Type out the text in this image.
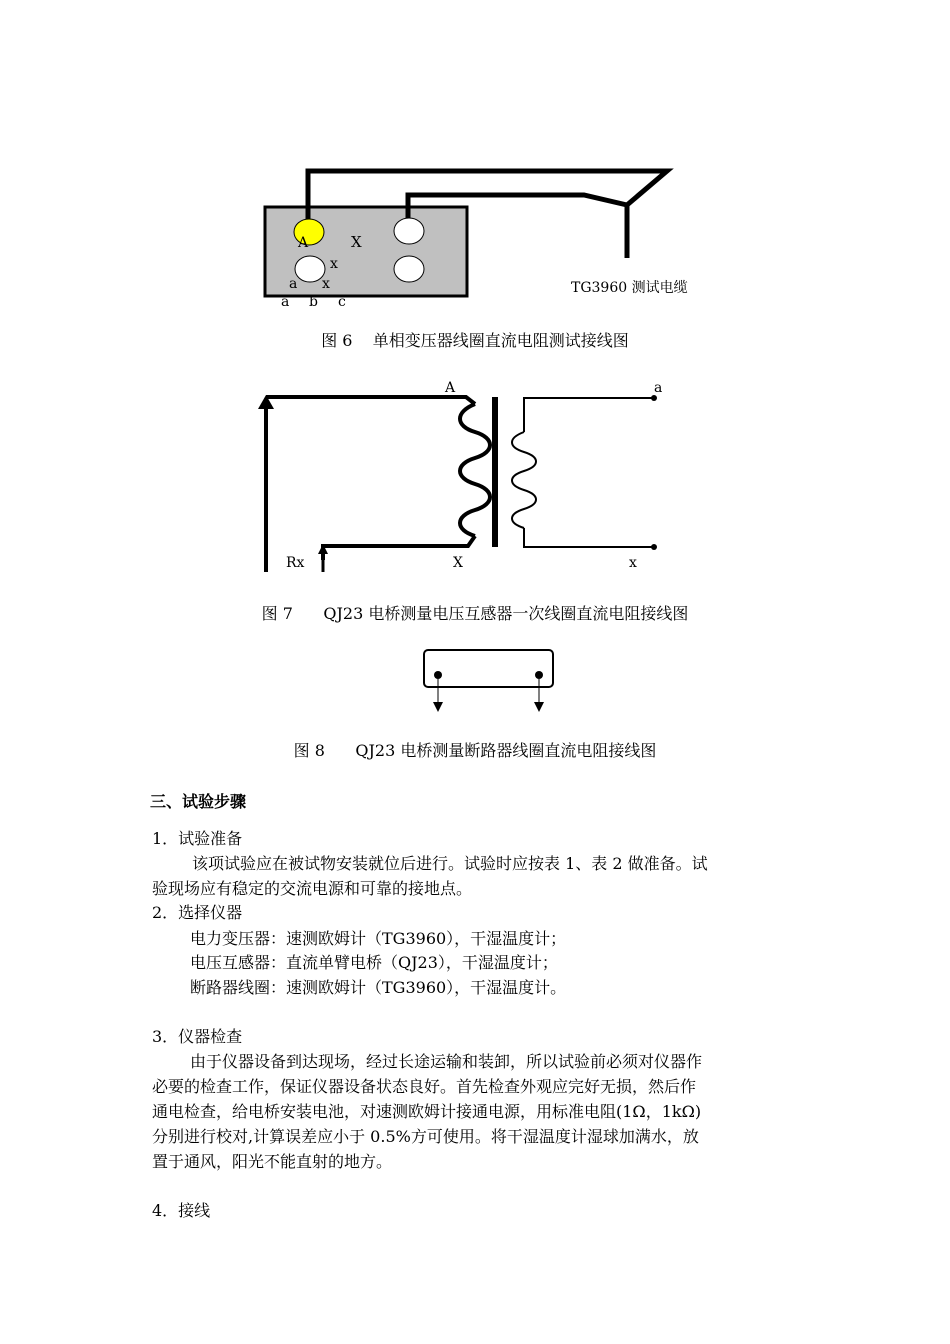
A	X
x
a x
a b c
TG3960 测试电缆
A	a
Rx	X	x
图 6    单相变压器线圈直流电阻测试接线图
图 7      QJ23 电桥测量电压互感器一次线圈直流电阻接线图
图 8      QJ23 电桥测量断路器线圈直流电阻接线图
三、试验步骤
1．试验准备
该项试验应在被试物安装就位后进行。试验时应按表 1、表 2 做准备。试
验现场应有稳定的交流电源和可靠的接地点。
2．选择仪器
电力变压器：速测欧姆计（TG3960），干湿温度计；
电压互感器：直流单臂电桥（QJ23），干湿温度计；
断路器线圈：速测欧姆计（TG3960），干湿温度计。
3．仪器检查
由于仪器设备到达现场，经过长途运输和装卸，所以试验前必须对仪器作
必要的检查工作，保证仪器设备状态良好。首先检查外观应完好无损，然后作
通电检查，给电桥安装电池，对速测欧姆计接通电源，用标准电阻(1Ω，1kΩ)
分别进行校对,计算误差应小于 0.5%方可使用。将干湿温度计湿球加满水，放
置于通风，阳光不能直射的地方。
4．接线
